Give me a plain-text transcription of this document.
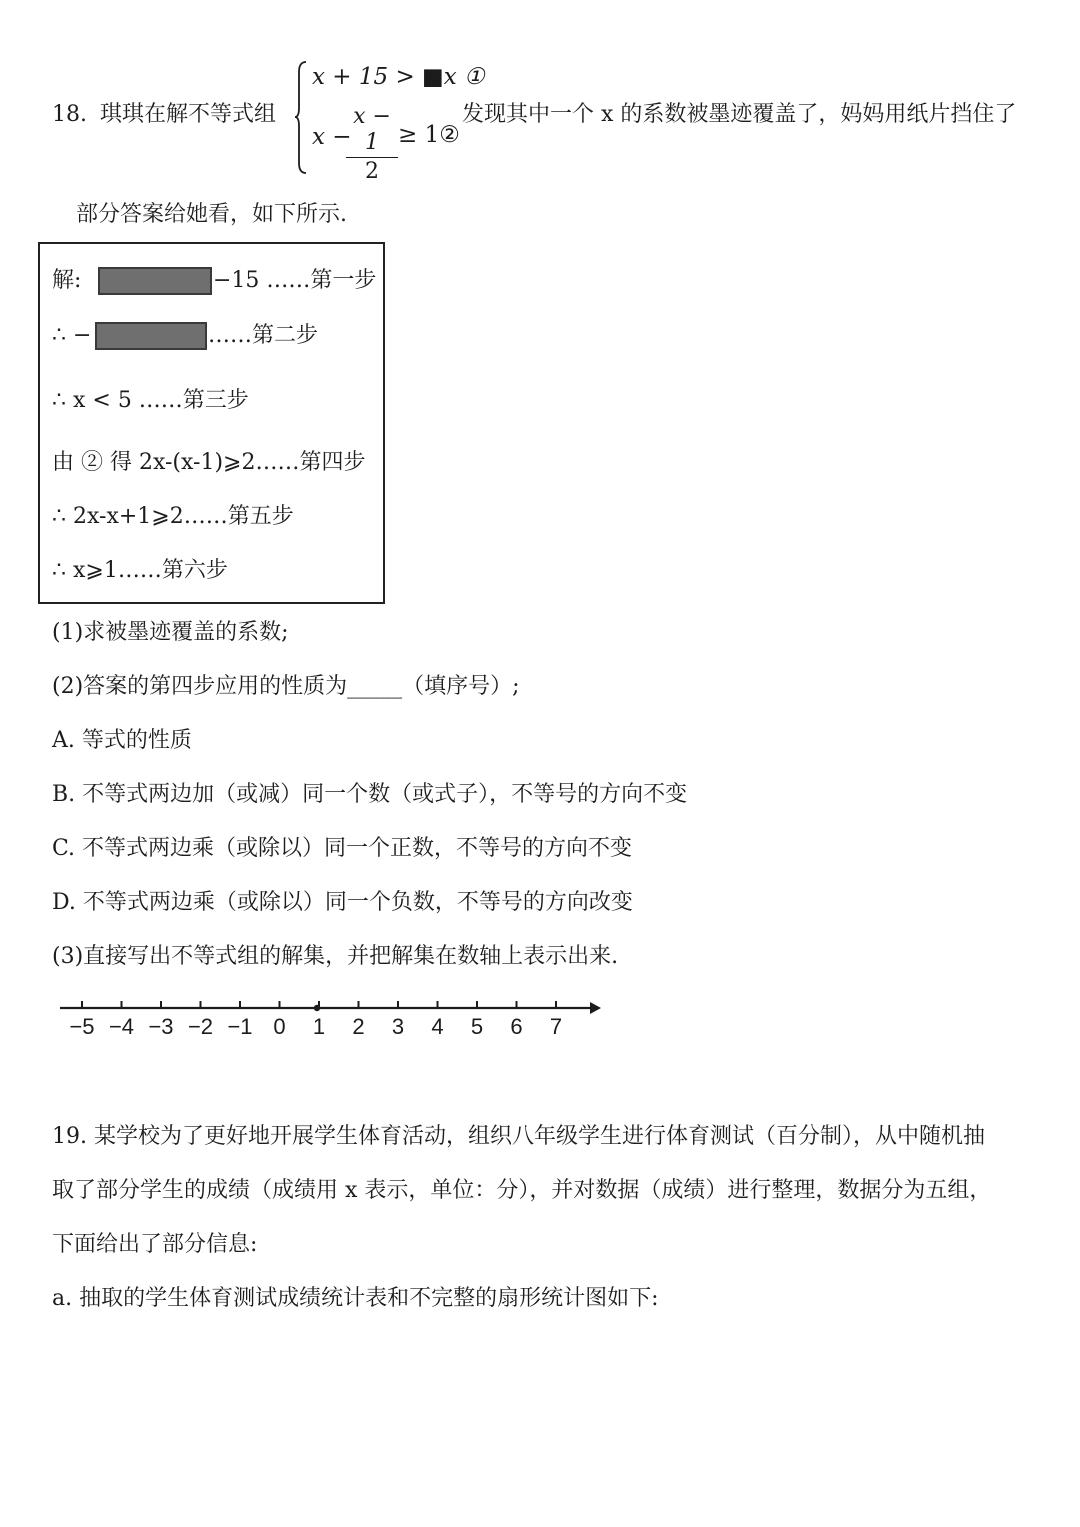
18. 琪琪在解不等式组
x + 15 > ■x ①
x −
x − 1
2
≥ 1②
发现其中一个 x 的系数被墨迹覆盖了，妈妈用纸片挡住了
部分答案给她看，如下所示.
解:	−15 ……第一步
∴ −	……第二步
∴ x < 5 ……第三步
由 ② 得 2x-(x-1)⩾2……第四步
∴ 2x-x+1⩾2……第五步
∴ x⩾1……第六步
(1)求被墨迹覆盖的系数;
(2)答案的第四步应用的性质为_____（填序号）;
A. 等式的性质
B. 不等式两边加（或减）同一个数（或式子），不等号的方向不变
C. 不等式两边乘（或除以）同一个正数，不等号的方向不变
D. 不等式两边乘（或除以）同一个负数，不等号的方向改变
(3)直接写出不等式组的解集，并把解集在数轴上表示出来.
−5 −4 −3 −2 −1 0 1 2 3 4 5 6 7
19. 某学校为了更好地开展学生体育活动，组织八年级学生进行体育测试（百分制），从中随机抽
取了部分学生的成绩（成绩用 x 表示，单位：分），并对数据（成绩）进行整理，数据分为五组，
下面给出了部分信息:
a. 抽取的学生体育测试成绩统计表和不完整的扇形统计图如下:
